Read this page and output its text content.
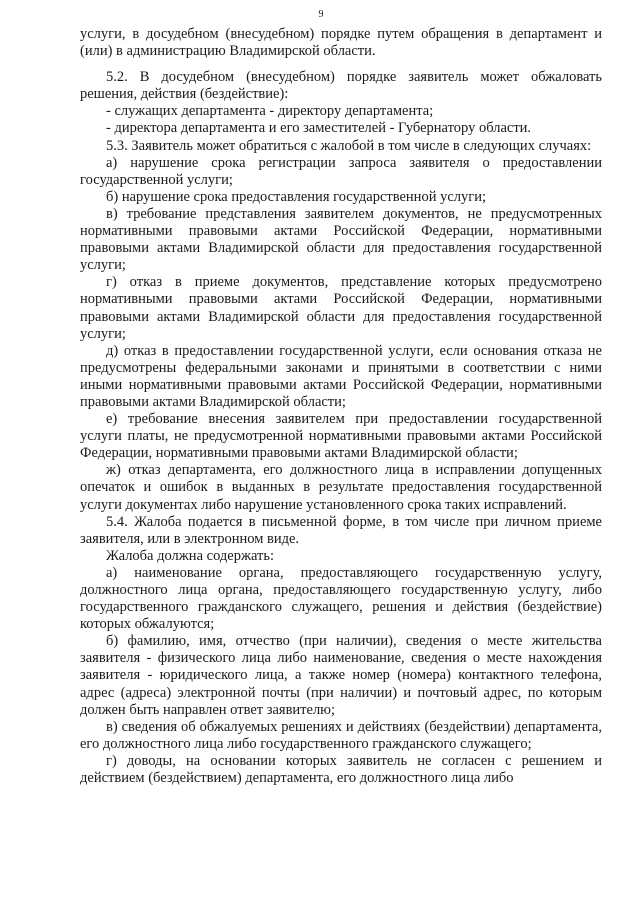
9

услуги, в досудебном (внесудебном) порядке путем обращения в департамент и (или) в администрацию Владимирской области.

5.2. В досудебном (внесудебном) порядке заявитель может обжаловать решения, действия (бездействие):

- служащих департамента - директору департамента;

- директора департамента и его заместителей - Губернатору области.

5.3. Заявитель может обратиться с жалобой в том числе в следующих случаях:

а) нарушение срока регистрации запроса заявителя о предоставлении государственной услуги;

б) нарушение срока предоставления государственной услуги;

в) требование представления заявителем документов, не предусмотренных нормативными правовыми актами Российской Федерации, нормативными правовыми актами Владимирской области для предоставления государственной услуги;

г) отказ в приеме документов, представление которых предусмотрено нормативными правовыми актами Российской Федерации, нормативными правовыми актами Владимирской области для предоставления государственной услуги;

д) отказ в предоставлении государственной услуги, если основания отказа не предусмотрены федеральными законами и принятыми в соответствии с ними иными нормативными правовыми актами Российской Федерации, нормативными правовыми актами Владимирской области;

е) требование внесения заявителем при предоставлении государственной услуги платы, не предусмотренной нормативными правовыми актами Российской Федерации, нормативными правовыми актами Владимирской области;

ж) отказ департамента, его должностного лица в исправлении допущенных опечаток и ошибок в выданных в результате предоставления государственной услуги документах либо нарушение установленного срока таких исправлений.

5.4. Жалоба подается в письменной форме, в том числе при личном приеме заявителя, или в электронном виде.

Жалоба должна содержать:

а) наименование органа, предоставляющего государственную услугу, должностного лица органа, предоставляющего государственную услугу, либо государственного гражданского служащего, решения и действия (бездействие) которых обжалуются;

б) фамилию, имя, отчество (при наличии), сведения о месте жительства заявителя - физического лица либо наименование, сведения о месте нахождения заявителя - юридического лица, а также номер (номера) контактного телефона, адрес (адреса) электронной почты (при наличии) и почтовый адрес, по которым должен быть направлен ответ заявителю;

в) сведения об обжалуемых решениях и действиях (бездействии) департамента, его должностного лица либо государственного гражданского служащего;

г) доводы, на основании которых заявитель не согласен с решением и действием (бездействием) департамента, его должностного лица либо
